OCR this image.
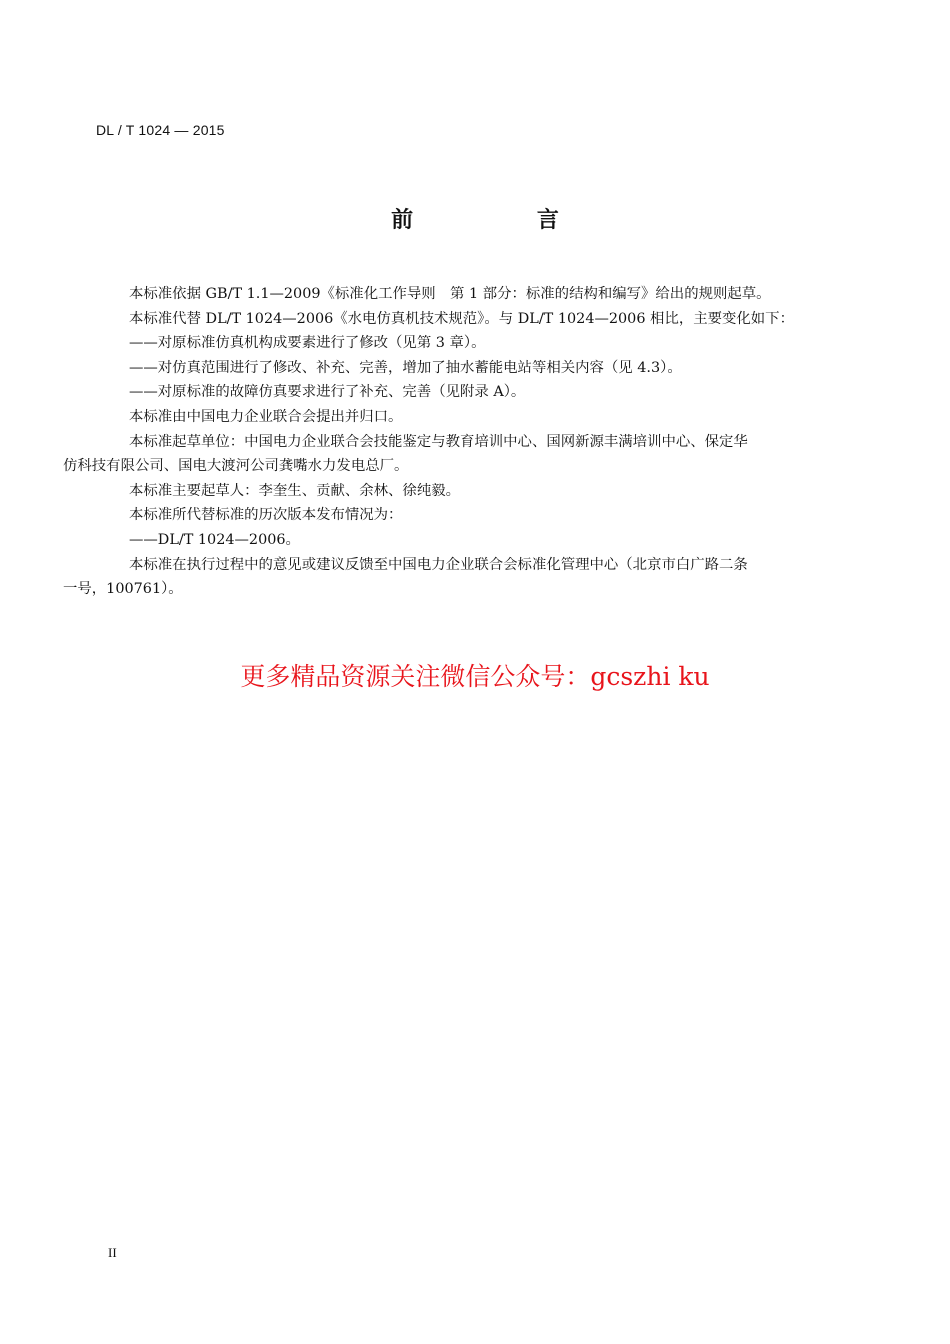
DL / T 1024 — 2015
前 言

本标准依据 GB/T 1.1—2009《标准化工作导则　第 1 部分：标准的结构和编写》给出的规则起草。

本标准代替 DL/T 1024—2006《水电仿真机技术规范》。与 DL/T 1024—2006 相比，主要变化如下：

——对原标准仿真机构成要素进行了修改（见第 3 章）。

——对仿真范围进行了修改、补充、完善，增加了抽水蓄能电站等相关内容（见 4.3）。

——对原标准的故障仿真要求进行了补充、完善（见附录 A）。

本标准由中国电力企业联合会提出并归口。

本标准起草单位：中国电力企业联合会技能鉴定与教育培训中心、国网新源丰满培训中心、保定华
仿科技有限公司、国电大渡河公司龚嘴水力发电总厂。

本标准主要起草人：李奎生、贡献、余林、徐纯毅。

本标准所代替标准的历次版本发布情况为：

——DL/T 1024—2006。

本标准在执行过程中的意见或建议反馈至中国电力企业联合会标准化管理中心（北京市白广路二条
一号，100761）。

更多精品资源关注微信公众号：gcszhi ku
II
